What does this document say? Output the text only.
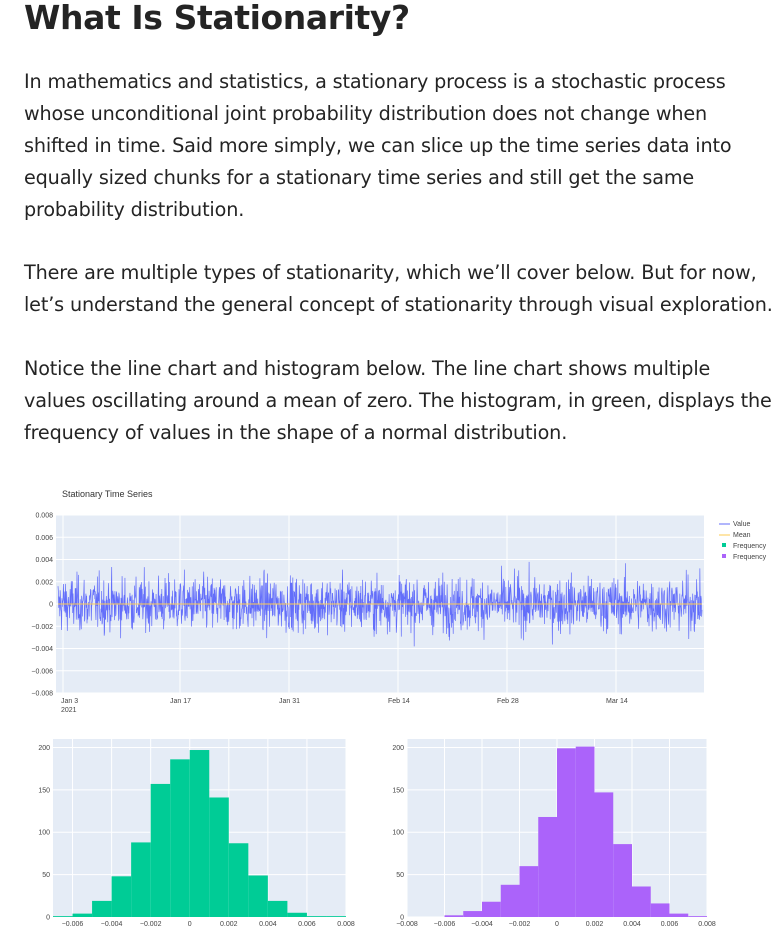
What Is Stationarity?

In mathematics and statistics, a stationary process is a stochastic process whose unconditional joint probability distribution does not change when shifted in time. Said more simply, we can slice up the time series data into equally sized chunks for a stationary time series and still get the same probability distribution.

There are multiple types of stationarity, which we’ll cover below. But for now, let’s understand the general concept of stationarity through visual exploration.

Notice the line chart and histogram below. The line chart shows multiple values oscillating around a mean of zero. The histogram, in green, displays the frequency of values in the shape of a normal distribution.

Stationary Time Series
0.008
0.006
0.004
0.002
0
−0.002
−0.004
−0.006
−0.008
Jan 3
2021
Jan 17	Jan 31	Feb 14	Feb 28	Mar 14
Value
Mean
Frequency
Frequency
200
150
100
50
0
−0.006 −0.004 −0.002	0	0.002	0.004	0.006	0.008
200
150
100
50
0
−0.008 −0.006 −0.004 −0.002	0	0.002	0.004	0.006	0.008
